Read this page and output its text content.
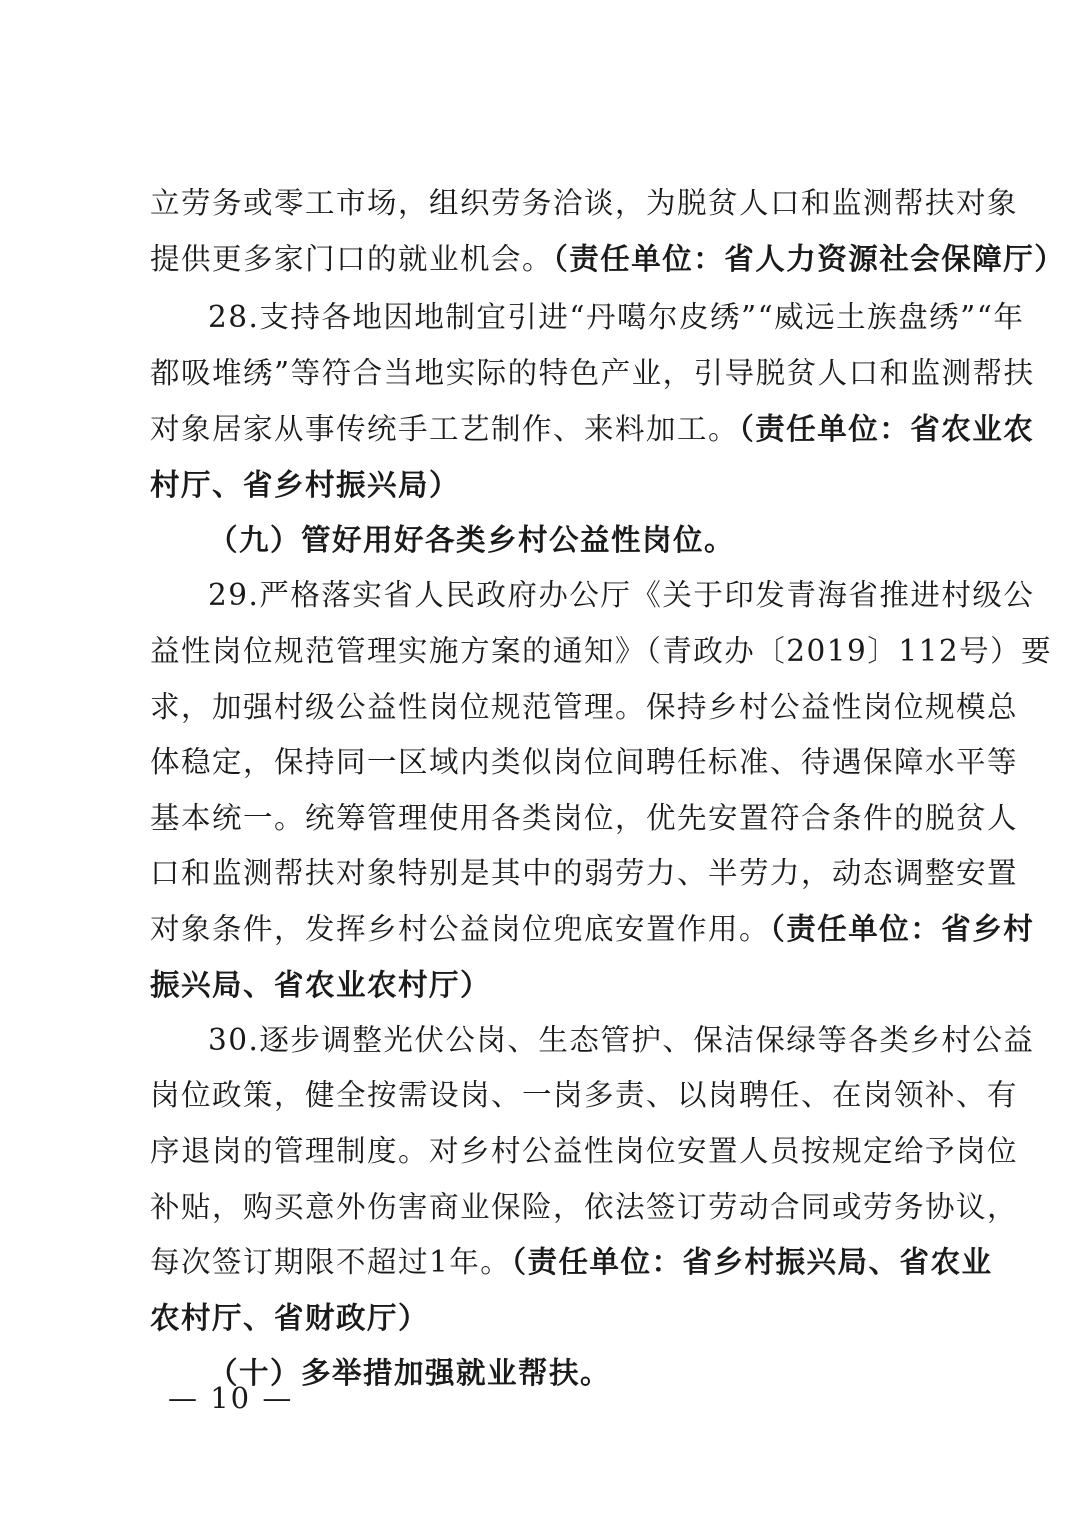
立劳务或零工市场，组织劳务洽谈，为脱贫人口和监测帮扶对象
提供更多家门口的就业机会。（责任单位：省人力资源社会保障厅）
28.支持各地因地制宜引进“丹噶尔皮绣”“威远土族盘绣”“年
都吸堆绣”等符合当地实际的特色产业，引导脱贫人口和监测帮扶
对象居家从事传统手工艺制作、来料加工。（责任单位：省农业农
村厅、省乡村振兴局）
（九）管好用好各类乡村公益性岗位。
29.严格落实省人民政府办公厅《关于印发青海省推进村级公
益性岗位规范管理实施方案的通知》（青政办〔2019〕112号）要
求，加强村级公益性岗位规范管理。保持乡村公益性岗位规模总
体稳定，保持同一区域内类似岗位间聘任标准、待遇保障水平等
基本统一。统筹管理使用各类岗位，优先安置符合条件的脱贫人
口和监测帮扶对象特别是其中的弱劳力、半劳力，动态调整安置
对象条件，发挥乡村公益岗位兜底安置作用。（责任单位：省乡村
振兴局、省农业农村厅）
30.逐步调整光伏公岗、生态管护、保洁保绿等各类乡村公益
岗位政策，健全按需设岗、一岗多责、以岗聘任、在岗领补、有
序退岗的管理制度。对乡村公益性岗位安置人员按规定给予岗位
补贴，购买意外伤害商业保险，依法签订劳动合同或劳务协议，
每次签订期限不超过1年。（责任单位：省乡村振兴局、省农业
农村厅、省财政厅）
（十）多举措加强就业帮扶。
— 10 —
